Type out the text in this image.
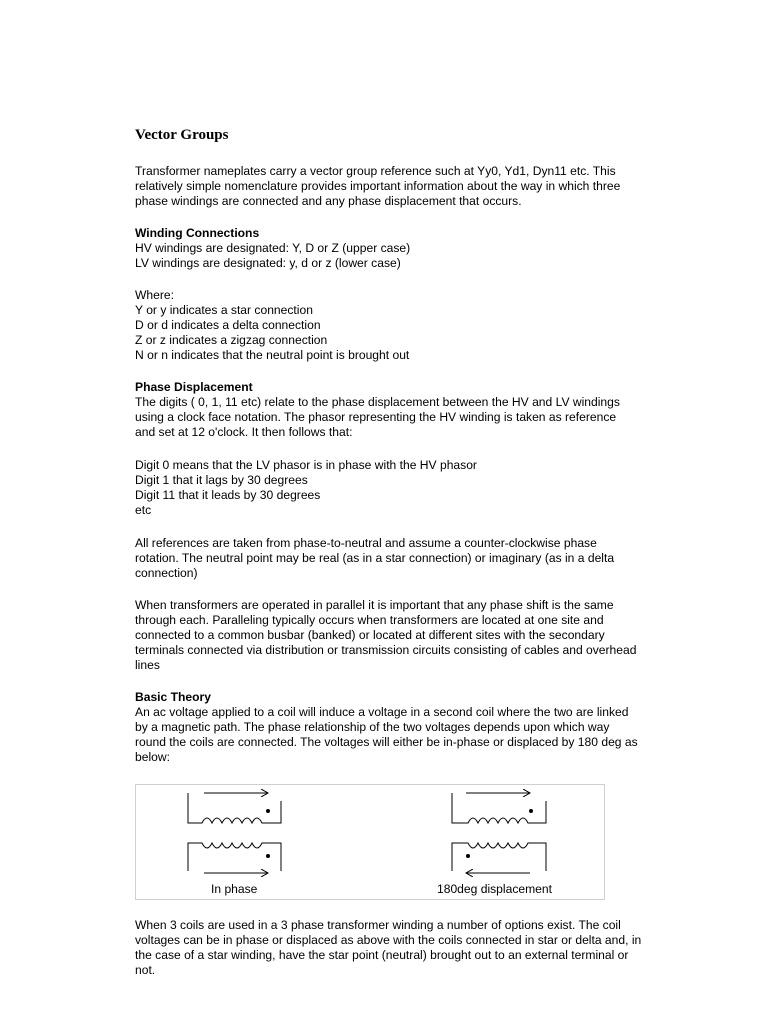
Vector Groups

Transformer nameplates carry a vector group reference such at Yy0, Yd1, Dyn11 etc. This

relatively simple nomenclature provides important information about the way in which three

phase windings are connected and any phase displacement that occurs.

Winding Connections

HV windings are designated: Y, D or Z (upper case)

LV windings are designated: y, d or z (lower case)

Where:

Y or y indicates a star connection

D or d indicates a delta connection

Z or z indicates a zigzag connection

N or n indicates that the neutral point is brought out

Phase Displacement

The digits ( 0, 1, 11 etc) relate to the phase displacement between the HV and LV windings

using a clock face notation. The phasor representing the HV winding is taken as reference

and set at 12 o'clock. It then follows that:

Digit 0 means that the LV phasor is in phase with the HV phasor

Digit 1 that it lags by 30 degrees

Digit 11 that it leads by 30 degrees

etc

All references are taken from phase-to-neutral and assume a counter-clockwise phase

rotation. The neutral point may be real (as in a star connection) or imaginary (as in a delta

connection)

When transformers are operated in parallel it is important that any phase shift is the same

through each. Paralleling typically occurs when transformers are located at one site and

connected to a common busbar (banked) or located at different sites with the secondary

terminals connected via distribution or transmission circuits consisting of cables and overhead

lines

Basic Theory

An ac voltage applied to a coil will induce a voltage in a second coil where the two are linked

by a magnetic path. The phase relationship of the two voltages depends upon which way

round the coils are connected. The voltages will either be in-phase or displaced by 180 deg as

below:

In phase	180deg displacement

When 3 coils are used in a 3 phase transformer winding a number of options exist. The coil

voltages can be in phase or displaced as above with the coils connected in star or delta and, in

the case of a star winding, have the star point (neutral) brought out to an external terminal or

not.
